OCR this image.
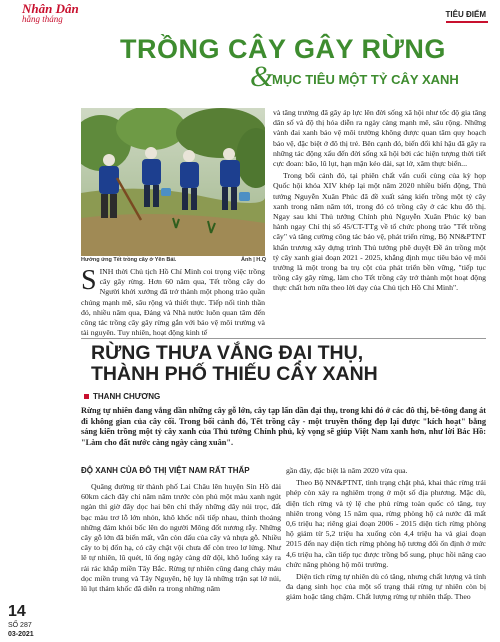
Nhân Dân
hằng tháng	TIÊU ĐIỂM
TRỒNG CÂY GÂY RỪNG
&
MỤC TIÊU MỘT TỶ CÂY XANH
Hưởng ứng Tết trồng cây ở Yên Bái.	Ảnh | H.Q

SINH thời Chủ tịch Hồ Chí Minh coi trọng việc trồng cây gây rừng. Hơn 60 năm qua, Tết trồng cây do Người khởi xướng đã trở thành một phong trào quần chúng mạnh mẽ, sâu rộng và thiết thực. Tiếp nối tinh thần đó, nhiều năm qua, Đảng và Nhà nước luôn quan tâm đến công tác trồng cây gây rừng gắn với bảo vệ môi trường và tài nguyên. Tuy nhiên, hoạt động kinh tế

và tăng trưởng đã gây áp lực lên đời sống xã hội như tốc độ gia tăng dân số và độ thị hóa diễn ra ngày càng mạnh mẽ, sâu rộng. Những vành đai xanh bảo vệ môi trường không được quan tâm quy hoạch bảo vệ, đặc biệt ở đô thị trẻ. Bên cạnh đó, biến đổi khí hậu đã gây ra những tác động xấu đến đời sống xã hội bởi các hiện tượng thời tiết cực đoan: bão, lũ lụt, hạn mặn kéo dài, sạt lở, xâm thực biển...

Trong bối cảnh đó, tại phiên chất vấn cuối cùng của kỳ họp Quốc hội khóa XIV khép lại một năm 2020 nhiều biến động, Thủ tướng Nguyễn Xuân Phúc đã đề xuất sáng kiến trồng một tỷ cây xanh trong năm năm tới, trong đó có trồng cây ở các khu đô thị. Ngay sau khi Thủ tướng Chính phủ Nguyễn Xuân Phúc ký ban hành ngay Chỉ thị số 45/CT-TTg về tổ chức phong trào "Tết trồng cây" và tăng cường công tác bảo vệ, phát triển rừng, Bộ NN&PTNT khẩn trương xây dựng trình Thủ tướng phê duyệt Đề án trồng một tỷ cây xanh giai đoạn 2021 - 2025, khẳng định mục tiêu bảo vệ môi trường là một trong ba trụ cột của phát triển bền vững, "tiếp tục trồng cây gây rừng, làm cho Tết trồng cây trở thành một hoạt động thực chất hơn nữa theo lời dạy của Chủ tịch Hồ Chí Minh".

RỪNG THƯA VẮNG ĐẠI THỤ,
THÀNH PHỐ THIẾU CÂY XANH
THANH CHƯƠNG

Rừng tự nhiên đang vắng dần những cây gỗ lớn, cây tạp lấn dần đại thụ, trong khi đó ở các đô thị, bê-tông đang át đi không gian của cây cối. Trong bối cảnh đó, Tết trồng cây - một truyền thống đẹp lại được "kích hoạt" bằng sáng kiến trồng một tỷ cây xanh của Thủ tướng Chính phủ, kỳ vọng sẽ giúp Việt Nam xanh hơn, như lời Bác Hồ: "Làm cho đất nước càng ngày càng xuân".

ĐỘ XANH CỦA ĐÔ THỊ VIỆT NAM RẤT THẤP

Quãng đường từ thành phố Lai Châu lên huyện Sìn Hồ dài 60km cách đây chỉ năm năm trước còn phủ một màu xanh ngút ngàn thì giờ đây dọc hai bên chỉ thấy những dãy núi trọc, đất bạc màu trơ lỗ lớn nhỏn, khô khốc nổi tiếp nhau, thỉnh thoảng những đám khói bốc lên do người Mông đốt nương rẫy. Những cây gỗ lớn đã biến mất, vẫn còn dấu của cây và nhựa gỗ. Nhiều cây to bị đốn hạ, có cây chặt vội chưa để còn treo lơ lửng. Như lẽ tự nhiên, lũ quét, lũ ống ngày càng dữ dội, khô luống xảy ra rải rác khắp miền Tây Bắc. Rừng tự nhiên cũng đang chảy máu dọc miền trung và Tây Nguyên, hệ lụy là những trận sạt lở núi, lũ lụt thảm khốc đã diễn ra trong những năm

gần đây, đặc biệt là năm 2020 vừa qua.

Theo Bộ NN&PTNT, tình trạng chặt phá, khai thác rừng trái phép còn xảy ra nghiêm trọng ở một số địa phương. Mặc dù, diện tích rừng và tỷ lệ che phủ rừng toàn quốc có tăng, tuy nhiên trong vòng 15 năm qua, rừng phòng hộ cả nước đã mất 0,6 triệu ha; riêng giai đoạn 2006 - 2015 diện tích rừng phòng hộ giảm từ 5,2 triệu ha xuống còn 4,4 triệu ha và giai đoạn 2015 đến nay diện tích rừng phòng hộ tương đối ổn định ở mức 4,6 triệu ha, cần tiếp tục được trồng bổ sung, phục hồi nâng cao chức năng phòng hộ môi trường.

Diện tích rừng tự nhiên dù có tăng, nhưng chất lượng và tính đa dạng sinh học của một số trạng thái rừng tự nhiên còn bị giảm hoặc tăng chậm. Chất lượng rừng tự nhiên thấp. Theo

14
SỐ 287
03-2021
